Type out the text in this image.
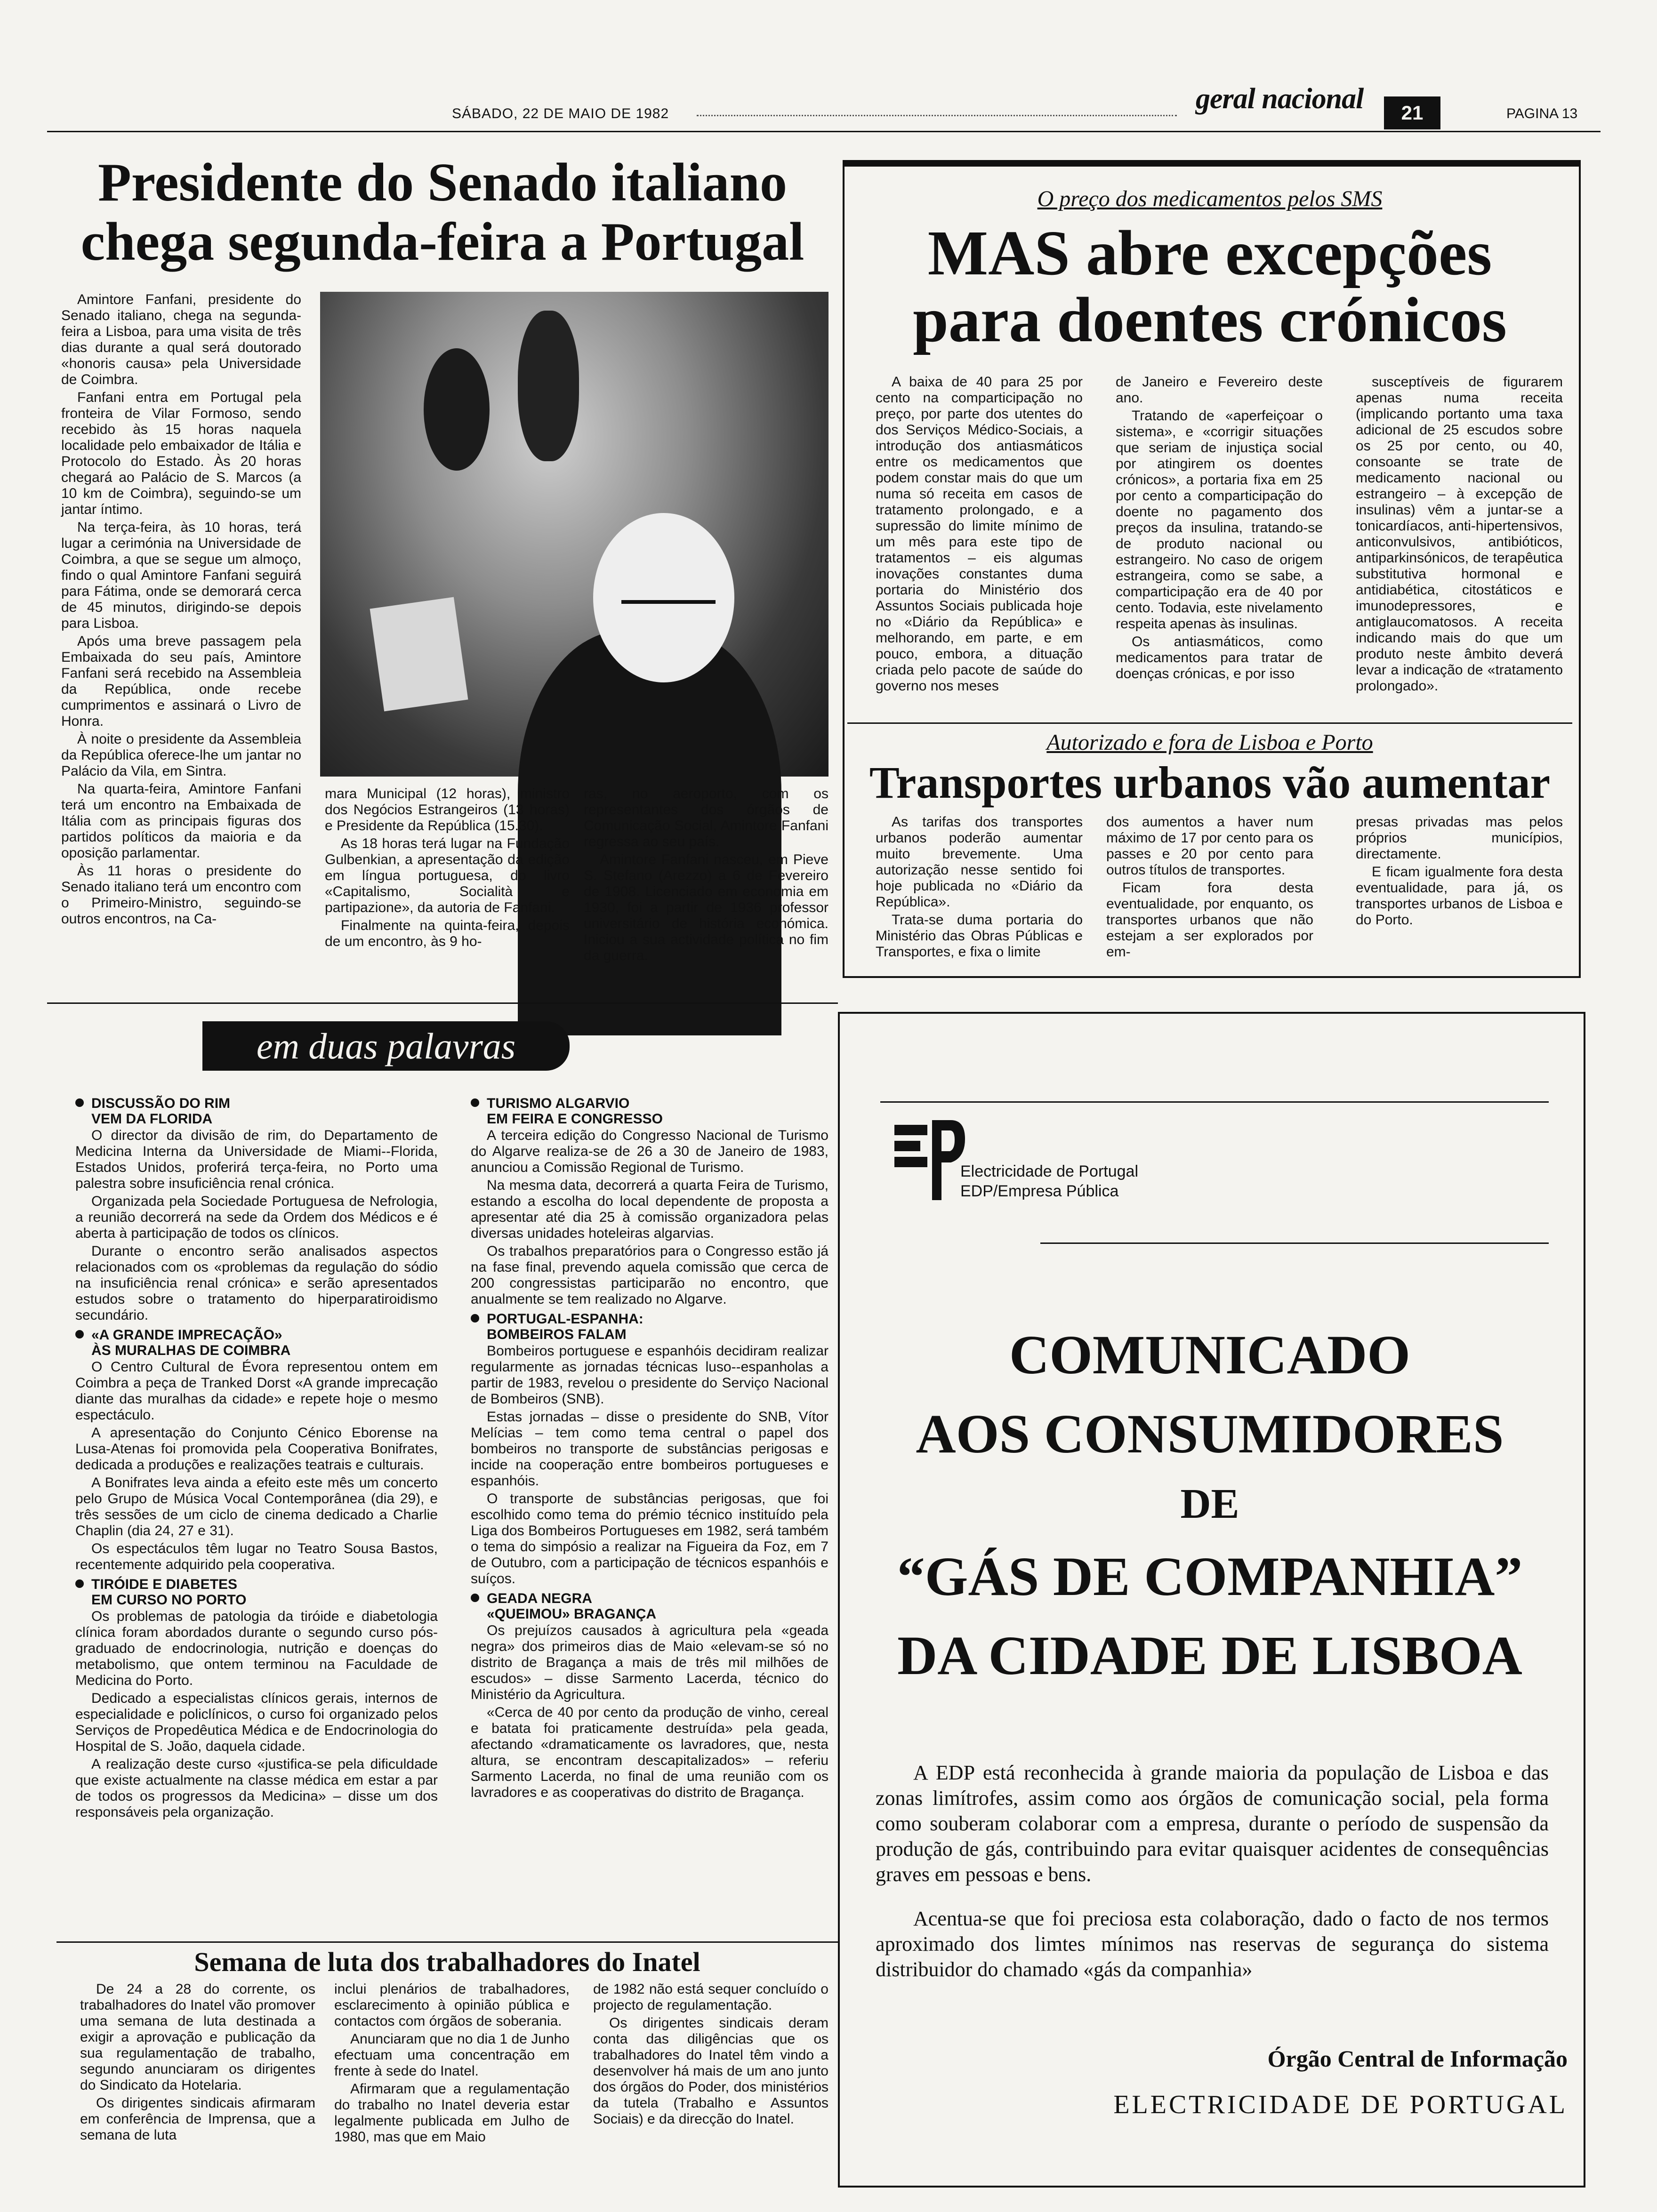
SÁBADO, 22 DE MAIO DE 1982	geral nacional	21	PAGINA 13
Presidente do Senado italiano
chega segunda-feira a Portugal

Amintore Fanfani, presidente do Senado italiano, chega na segunda-feira a Lisboa, para uma visita de três dias durante a qual será doutorado «honoris causa» pela Universidade de Coimbra.

Fanfani entra em Portugal pela fronteira de Vilar Formoso, sendo recebido às 15 horas naquela localidade pelo embaixador de Itália e Protocolo do Estado. Às 20 horas chegará ao Palácio de S. Marcos (a 10 km de Coimbra), seguindo-se um jantar íntimo.

Na terça-feira, às 10 horas, terá lugar a cerimónia na Universidade de Coimbra, a que se segue um almoço, findo o qual Amintore Fanfani seguirá para Fátima, onde se demorará cerca de 45 minutos, dirigindo-se depois para Lisboa.

Após uma breve passagem pela Embaixada do seu país, Amintore Fanfani será recebido na Assembleia da República, onde recebe cumprimentos e assinará o Livro de Honra.

À noite o presidente da Assembleia da República oferece-lhe um jantar no Palácio da Vila, em Sintra.

Na quarta-feira, Amintore Fanfani terá um encontro na Embaixada de Itália com as principais figuras dos partidos políticos da maioria e da oposição parlamentar.

Às 11 horas o presidente do Senado italiano terá um encontro com o Primeiro-Ministro, seguindo-se outros encontros, na Ca-

mara Municipal (12 horas), ministro dos Negócios Estrangeiros (13 horas) e Presidente da República (15.30).

As 18 horas terá lugar na Fundação Gulbenkian, a apresentação da edição em língua portuguesa, do livro «Capitalismo, Socialità e partipazione», da autoria de Fanfani.

Finalmente na quinta-feira, depois de um encontro, às 9 ho-

ras, no aeroporto, com os representantes dos órgãos de Comunicação Social, Amintore Fanfani regressa ao seu país.

Amintore Fanfani nasceu, em Pieve S. Stefano (Arezzo) a 6 de Fevereiro de 1908. Licenciado em economia em 1930, foi a partir de 1936 professor universitário de história económica. Iniciou a sua actividade política no fim da guerra.

O preço dos medicamentos pelos SMS
MAS abre excepções
para doentes crónicos

A baixa de 40 para 25 por cento na comparticipação no preço, por parte dos utentes do dos Serviços Médico-Sociais, a introdução dos antiasmáticos entre os medicamentos que podem constar mais do que um numa só receita em casos de tratamento prolongado, e a supressão do limite mínimo de um mês para este tipo de tratamentos – eis algumas inovações constantes duma portaria do Ministério dos Assuntos Sociais publicada hoje no «Diário da República» e melhorando, em parte, e em pouco, embora, a dituação criada pelo pacote de saúde do governo nos meses

de Janeiro e Fevereiro deste ano.

Tratando de «aperfeiçoar o sistema», e «corrigir situações que seriam de injustiça social por atingirem os doentes crónicos», a portaria fixa em 25 por cento a comparticipação do doente no pagamento dos preços da insulina, tratando-se de produto nacional ou estrangeiro. No caso de origem estrangeira, como se sabe, a comparticipação era de 40 por cento. Todavia, este nivelamento respeita apenas às insulinas.

Os antiasmáticos, como medicamentos para tratar de doenças crónicas, e por isso

susceptíveis de figurarem apenas numa receita (implicando portanto uma taxa adicional de 25 escudos sobre os 25 por cento, ou 40, consoante se trate de medicamento nacional ou estrangeiro – à excepção de insulinas) vêm a juntar-se a tonicardíacos, anti-hipertensivos, anticonvulsivos, antibióticos, antiparkinsónicos, de terapêutica substitutiva hormonal e antidiabética, citostáticos e imunodepressores, e antiglaucomatosos. A receita indicando mais do que um produto neste âmbito deverá levar a indicação de «tratamento prolongado».

Autorizado e fora de Lisboa e Porto
Transportes urbanos vão aumentar

As tarifas dos transportes urbanos poderão aumentar muito brevemente. Uma autorização nesse sentido foi hoje publicada no «Diário da República».

Trata-se duma portaria do Ministério das Obras Públicas e Transportes, e fixa o limite

dos aumentos a haver num máximo de 17 por cento para os passes e 20 por cento para outros títulos de transportes.

Ficam fora desta eventualidade, por enquanto, os transportes urbanos que não estejam a ser explorados por em-

presas privadas mas pelos próprios municípios, directamente.

E ficam igualmente fora desta eventualidade, para já, os transportes urbanos de Lisboa e do Porto.

em duas palavras
DISCUSSÃO DO RIM
VEM DA FLORIDA

O director da divisão de rim, do Departamento de Medicina Interna da Universidade de Miami--Florida, Estados Unidos, proferirá terça-feira, no Porto uma palestra sobre insuficiência renal crónica.

Organizada pela Sociedade Portuguesa de Nefrologia, a reunião decorrerá na sede da Ordem dos Médicos e é aberta à participação de todos os clínicos.

Durante o encontro serão analisados aspectos relacionados com os «problemas da regulação do sódio na insuficiência renal crónica» e serão apresentados estudos sobre o tratamento do hiperparatiroidismo secundário.

«A GRANDE IMPRECAÇÃO»
ÀS MURALHAS DE COIMBRA

O Centro Cultural de Évora representou ontem em Coimbra a peça de Tranked Dorst «A grande imprecação diante das muralhas da cidade» e repete hoje o mesmo espectáculo.

A apresentação do Conjunto Cénico Eborense na Lusa-Atenas foi promovida pela Cooperativa Bonifrates, dedicada a produções e realizações teatrais e culturais.

A Bonifrates leva ainda a efeito este mês um concerto pelo Grupo de Música Vocal Contemporânea (dia 29), e três sessões de um ciclo de cinema dedicado a Charlie Chaplin (dia 24, 27 e 31).

Os espectáculos têm lugar no Teatro Sousa Bastos, recentemente adquirido pela cooperativa.

TIRÓIDE E DIABETES
EM CURSO NO PORTO

Os problemas de patologia da tiróide e diabetologia clínica foram abordados durante o segundo curso pós-graduado de endocrinologia, nutrição e doenças do metabolismo, que ontem terminou na Faculdade de Medicina do Porto.

Dedicado a especialistas clínicos gerais, internos de especialidade e policlínicos, o curso foi organizado pelos Serviços de Propedêutica Médica e de Endocrinologia do Hospital de S. João, daquela cidade.

A realização deste curso «justifica-se pela dificuldade que existe actualmente na classe médica em estar a par de todos os progressos da Medicina» – disse um dos responsáveis pela organização.

TURISMO ALGARVIO
EM FEIRA E CONGRESSO

A terceira edição do Congresso Nacional de Turismo do Algarve realiza-se de 26 a 30 de Janeiro de 1983, anunciou a Comissão Regional de Turismo.

Na mesma data, decorrerá a quarta Feira de Turismo, estando a escolha do local dependente de proposta a apresentar até dia 25 à comissão organizadora pelas diversas unidades hoteleiras algarvias.

Os trabalhos preparatórios para o Congresso estão já na fase final, prevendo aquela comissão que cerca de 200 congressistas participarão no encontro, que anualmente se tem realizado no Algarve.

PORTUGAL-ESPANHA:
BOMBEIROS FALAM

Bombeiros portuguese e espanhóis decidiram realizar regularmente as jornadas técnicas luso--espanholas a partir de 1983, revelou o presidente do Serviço Nacional de Bombeiros (SNB).

Estas jornadas – disse o presidente do SNB, Vítor Melícias – tem como tema central o papel dos bombeiros no transporte de substâncias perigosas e incide na cooperação entre bombeiros portugueses e espanhóis.

O transporte de substâncias perigosas, que foi escolhido como tema do prémio técnico instituído pela Liga dos Bombeiros Portugueses em 1982, será também o tema do simpósio a realizar na Figueira da Foz, em 7 de Outubro, com a participação de técnicos espanhóis e suíços.

GEADA NEGRA
«QUEIMOU» BRAGANÇA

Os prejuízos causados à agricultura pela «geada negra» dos primeiros dias de Maio «elevam-se só no distrito de Bragança a mais de três mil milhões de escudos» – disse Sarmento Lacerda, técnico do Ministério da Agricultura.

«Cerca de 40 por cento da produção de vinho, cereal e batata foi praticamente destruída» pela geada, afectando «dramaticamente os lavradores, que, nesta altura, se encontram descapitalizados» – referiu Sarmento Lacerda, no final de uma reunião com os lavradores e as cooperativas do distrito de Bragança.

Semana de luta dos trabalhadores do Inatel

De 24 a 28 do corrente, os trabalhadores do Inatel vão promover uma semana de luta destinada a exigir a aprovação e publicação da sua regulamentação de trabalho, segundo anunciaram os dirigentes do Sindicato da Hotelaria.

Os dirigentes sindicais afirmaram em conferência de Imprensa, que a semana de luta

inclui plenários de trabalhadores, esclarecimento à opinião pública e contactos com órgãos de soberania.

Anunciaram que no dia 1 de Junho efectuam uma concentração em frente à sede do Inatel.

Afirmaram que a regulamentação do trabalho no Inatel deveria estar legalmente publicada em Julho de 1980, mas que em Maio

de 1982 não está sequer concluído o projecto de regulamentação.

Os dirigentes sindicais deram conta das diligências que os trabalhadores do Inatel têm vindo a desenvolver há mais de um ano junto dos órgãos do Poder, dos ministérios da tutela (Trabalho e Assuntos Sociais) e da direcção do Inatel.

Electricidade de Portugal
EDP/Empresa Pública
COMUNICADO
AOS CONSUMIDORES
DE
“GÁS DE COMPANHIA”
DA CIDADE DE LISBOA

A EDP está reconhecida à grande maioria da população de Lisboa e das zonas limítrofes, assim como aos órgãos de comunicação social, pela forma como souberam colaborar com a empresa, durante o período de suspensão da produção de gás, contribuindo para evitar quaisquer acidentes de consequências graves em pessoas e bens.

Acentua-se que foi preciosa esta colaboração, dado o facto de nos termos aproximado dos limtes mínimos nas reservas de segurança do sistema distribuidor do chamado «gás da companhia»

Órgão Central de Informação
ELECTRICIDADE DE PORTUGAL
